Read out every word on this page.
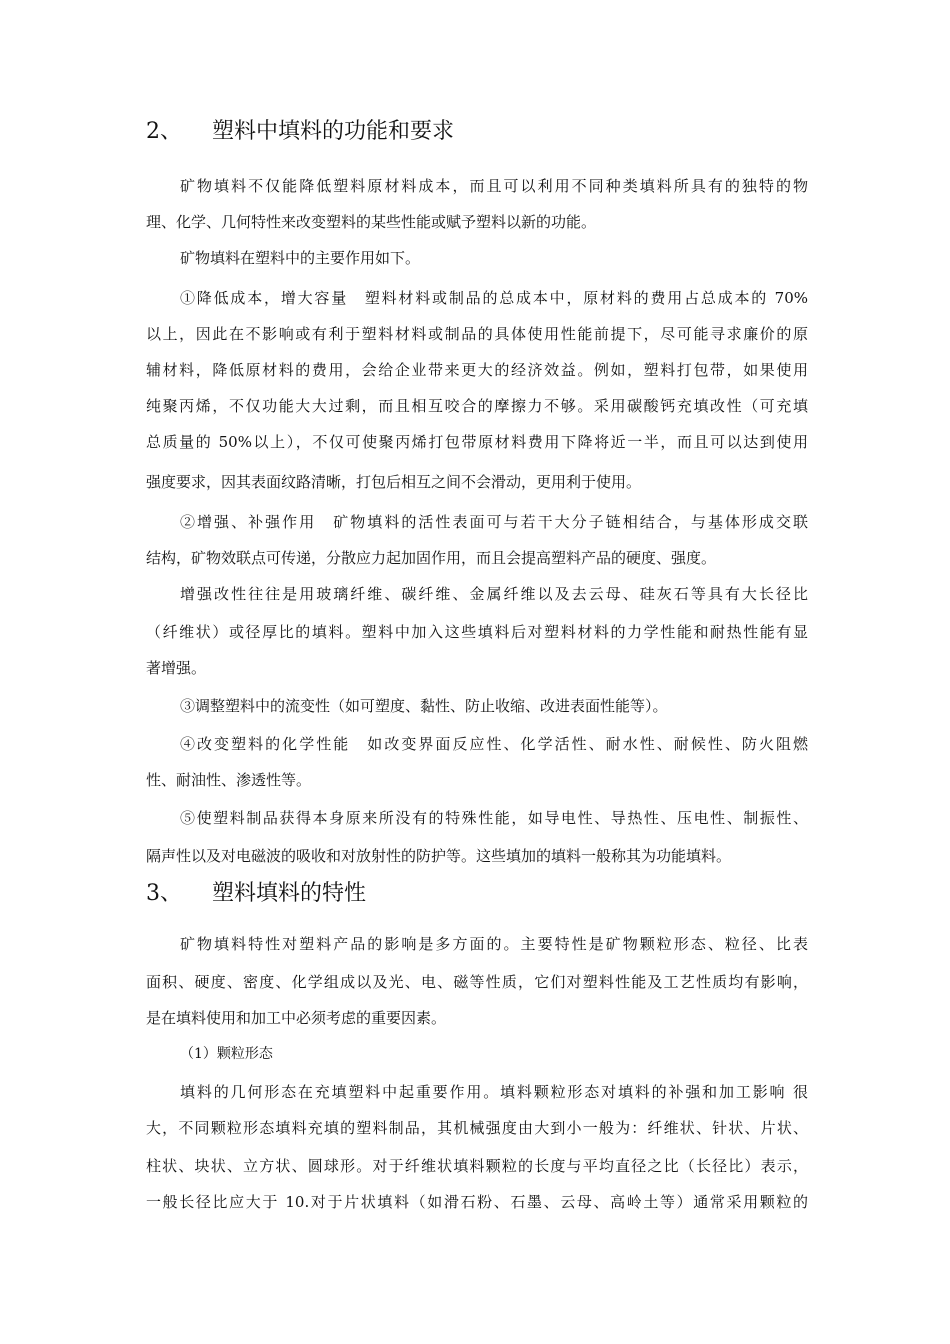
2、 塑料中填料的功能和要求
矿物填料不仅能降低塑料原材料成本，而且可以利用不同种类填料所具有的独特的物
理、化学、几何特性来改变塑料的某些性能或赋予塑料以新的功能。
矿物填料在塑料中的主要作用如下。
①降低成本，增大容量　塑料材料或制品的总成本中，原材料的费用占总成本的 70%
以上，因此在不影响或有利于塑料材料或制品的具体使用性能前提下，尽可能寻求廉价的原
辅材料，降低原材料的费用，会给企业带来更大的经济效益。例如，塑料打包带，如果使用
纯聚丙烯，不仅功能大大过剩，而且相互咬合的摩擦力不够。采用碳酸钙充填改性（可充填
总质量的 50%以上），不仅可使聚丙烯打包带原材料费用下降将近一半，而且可以达到使用
强度要求，因其表面纹路清晰，打包后相互之间不会滑动，更用利于使用。
②增强、补强作用　矿物填料的活性表面可与若干大分子链相结合，与基体形成交联
结构，矿物效联点可传递，分散应力起加固作用，而且会提高塑料产品的硬度、强度。
增强改性往往是用玻璃纤维、碳纤维、金属纤维以及去云母、硅灰石等具有大长径比
（纤维状）或径厚比的填料。塑料中加入这些填料后对塑料材料的力学性能和耐热性能有显
著增强。
③调整塑料中的流变性（如可塑度、黏性、防止收缩、改进表面性能等）。
④改变塑料的化学性能　如改变界面反应性、化学活性、耐水性、耐候性、防火阻燃
性、耐油性、渗透性等。
⑤使塑料制品获得本身原来所没有的特殊性能，如导电性、导热性、压电性、制振性、
隔声性以及对电磁波的吸收和对放射性的防护等。这些填加的填料一般称其为功能填料。
3、 塑料填料的特性
矿物填料特性对塑料产品的影响是多方面的。主要特性是矿物颗粒形态、粒径、比表
面积、硬度、密度、化学组成以及光、电、磁等性质，它们对塑料性能及工艺性质均有影响，
是在填料使用和加工中必须考虑的重要因素。
（1）颗粒形态
填料的几何形态在充填塑料中起重要作用。填料颗粒形态对填料的补强和加工影响 很
大，不同颗粒形态填料充填的塑料制品，其机械强度由大到小一般为：纤维状、针状、片状、
柱状、块状、立方状、圆球形。对于纤维状填料颗粒的长度与平均直径之比（长径比）表示，
一般长径比应大于 10.对于片状填料（如滑石粉、石墨、云母、高岭土等）通常采用颗粒的
